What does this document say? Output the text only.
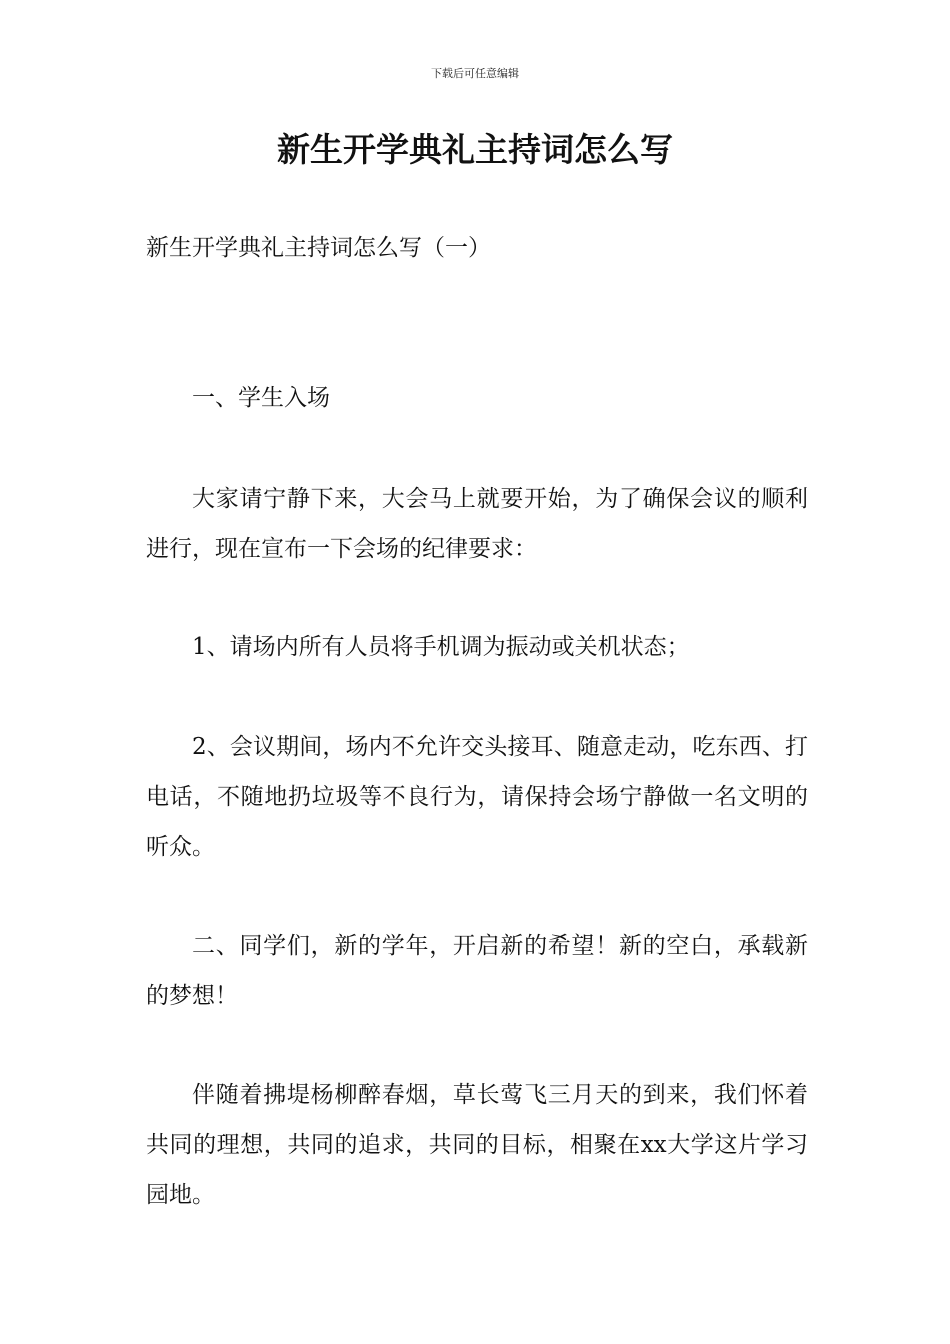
下载后可任意编辑
新生开学典礼主持词怎么写

新生开学典礼主持词怎么写（一）

一、学生入场

大家请宁静下来，大会马上就要开始，为了确保会议的顺利进行，现在宣布一下会场的纪律要求：

1、请场内所有人员将手机调为振动或关机状态；

2、会议期间，场内不允许交头接耳、随意走动，吃东西、打电话，不随地扔垃圾等不良行为，请保持会场宁静做一名文明的听众。

二、同学们，新的学年，开启新的希望！新的空白，承载新的梦想！

伴随着拂堤杨柳醉春烟，草长莺飞三月天的到来，我们怀着共同的理想，共同的追求，共同的目标，相聚在xx大学这片学习园地。
